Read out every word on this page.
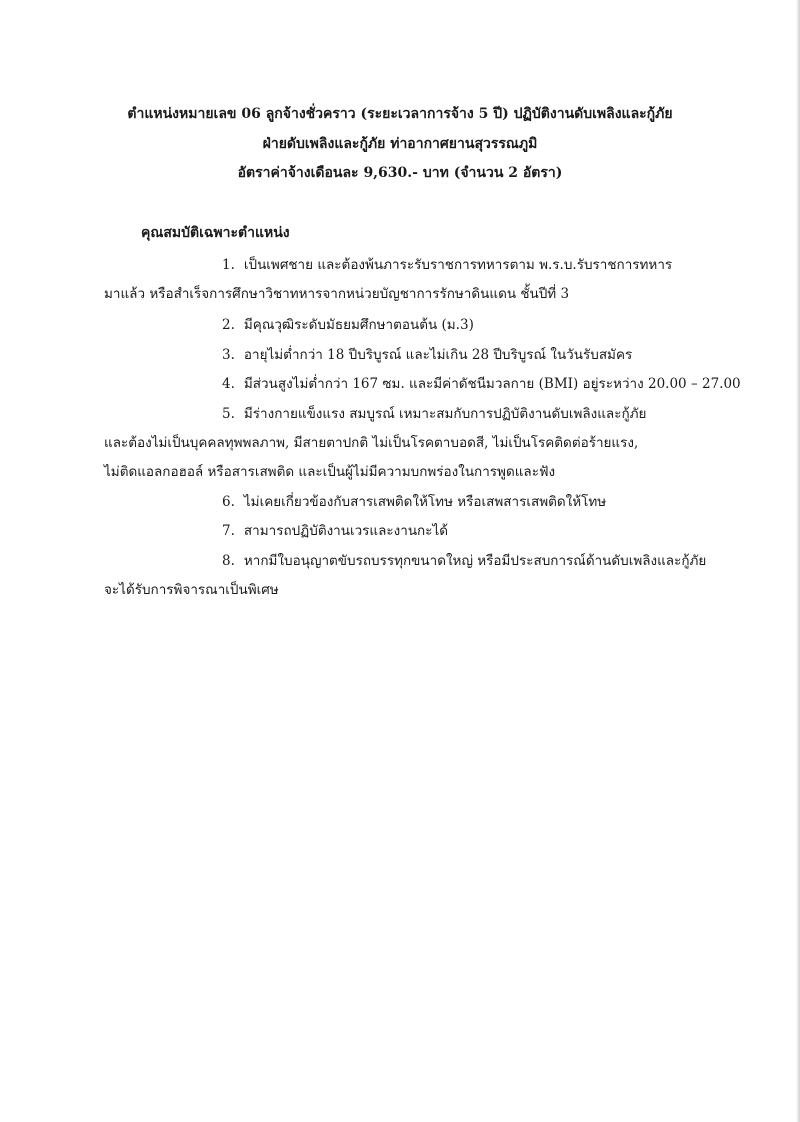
ตำแหน่งหมายเลข 06 ลูกจ้างชั่วคราว (ระยะเวลาการจ้าง 5 ปี) ปฏิบัติงานดับเพลิงและกู้ภัย
ฝ่ายดับเพลิงและกู้ภัย ท่าอากาศยานสุวรรณภูมิ
อัตราค่าจ้างเดือนละ 9,630.- บาท (จำนวน 2 อัตรา)
คุณสมบัติเฉพาะตำแหน่ง
1. เป็นเพศชาย และต้องพ้นภาระรับราชการทหารตาม พ.ร.บ.รับราชการทหาร
มาแล้ว หรือสำเร็จการศึกษาวิชาทหารจากหน่วยบัญชาการรักษาดินแดน ชั้นปีที่ 3
2. มีคุณวุฒิระดับมัธยมศึกษาตอนต้น (ม.3)
3. อายุไม่ต่ำกว่า 18 ปีบริบูรณ์ และไม่เกิน 28 ปีบริบูรณ์ ในวันรับสมัคร
4. มีส่วนสูงไม่ต่ำกว่า 167 ซม. และมีค่าดัชนีมวลกาย (BMI) อยู่ระหว่าง 20.00 – 27.00
5. มีร่างกายแข็งแรง สมบูรณ์ เหมาะสมกับการปฏิบัติงานดับเพลิงและกู้ภัย
และต้องไม่เป็นบุคคลทุพพลภาพ, มีสายตาปกติ ไม่เป็นโรคตาบอดสี, ไม่เป็นโรคติดต่อร้ายแรง,
ไม่ติดแอลกอฮอล์ หรือสารเสพติด และเป็นผู้ไม่มีความบกพร่องในการพูดและฟัง
6. ไม่เคยเกี่ยวข้องกับสารเสพติดให้โทษ หรือเสพสารเสพติดให้โทษ
7. สามารถปฏิบัติงานเวรและงานกะได้
8. หากมีใบอนุญาตขับรถบรรทุกขนาดใหญ่ หรือมีประสบการณ์ด้านดับเพลิงและกู้ภัย
จะได้รับการพิจารณาเป็นพิเศษ
